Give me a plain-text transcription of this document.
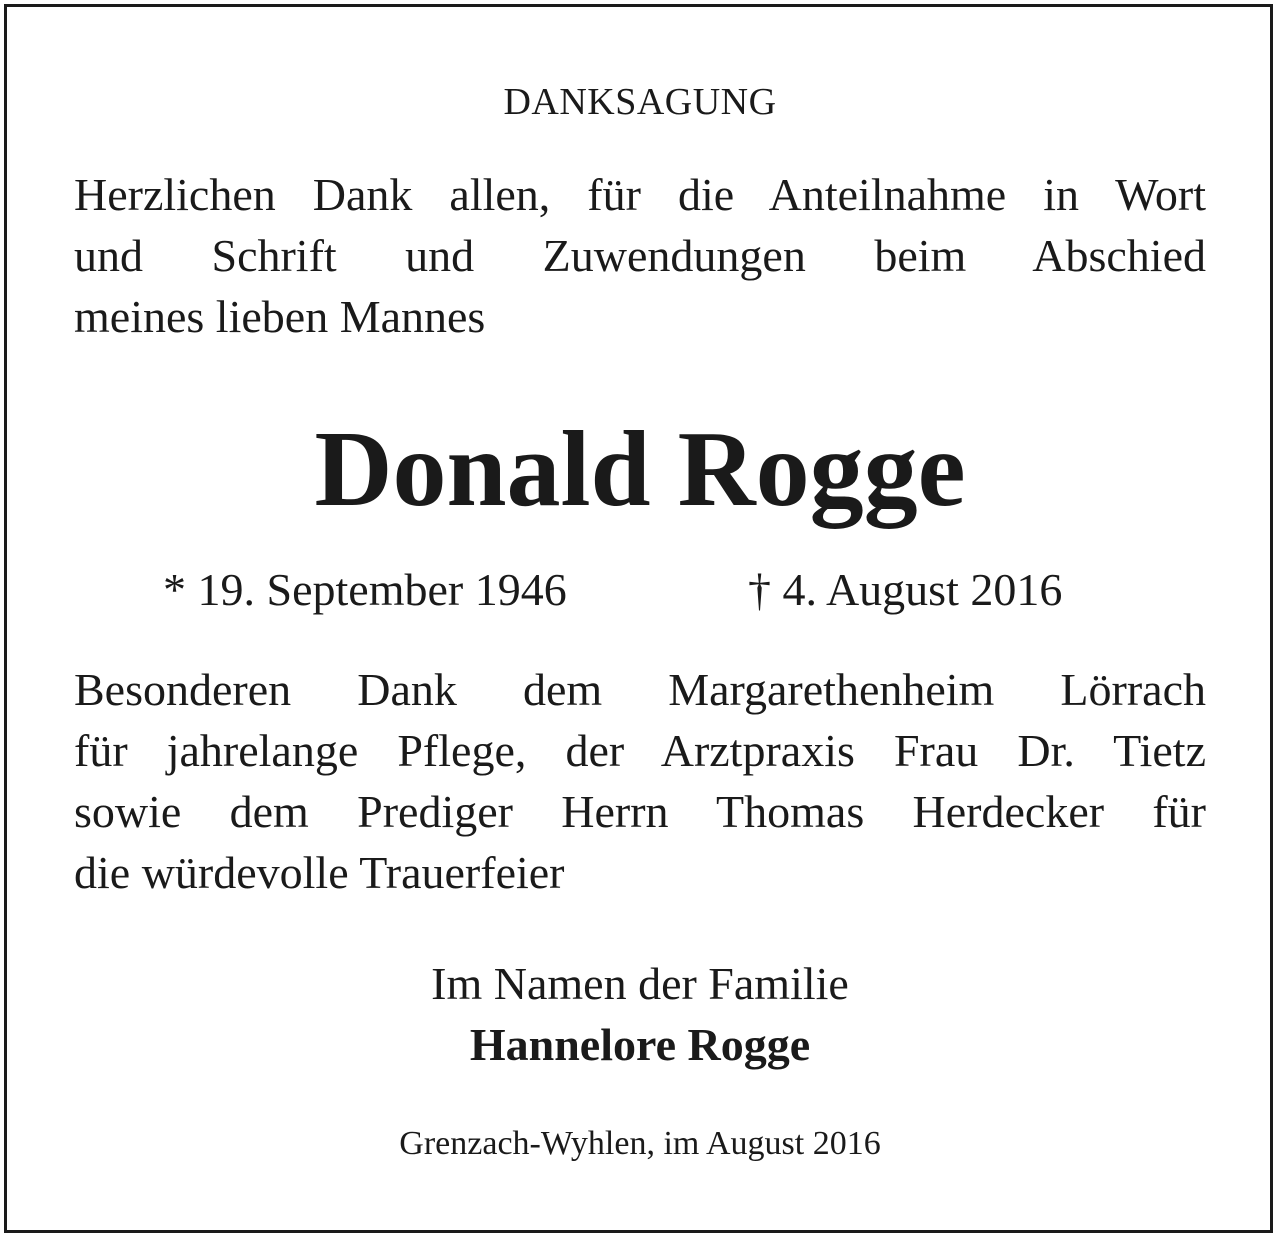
DANKSAGUNG
Herzlichen Dank allen, für die Anteilnahme in Wort
und Schrift und Zuwendungen beim Abschied
meines lieben Mannes
Donald Rogge
* 19. September 1946	† 4. August 2016
Besonderen Dank dem Margarethenheim Lörrach
für jahrelange Pflege, der Arztpraxis Frau Dr. Tietz
sowie dem Prediger Herrn Thomas Herdecker für
die würdevolle Trauerfeier
Im Namen der Familie
Hannelore Rogge
Grenzach-Wyhlen, im August 2016
